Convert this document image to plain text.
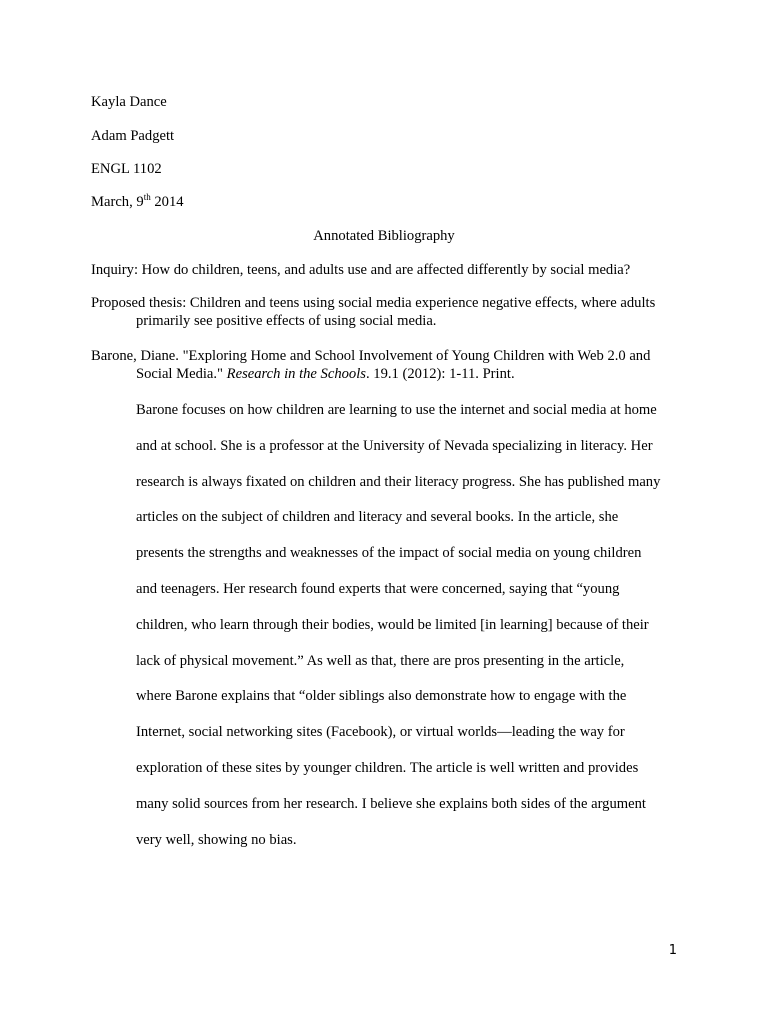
Kayla Dance
Adam Padgett
ENGL 1102
March, 9th 2014
Annotated Bibliography
Inquiry: How do children, teens, and adults use and are affected differently by social media?
Proposed thesis: Children and teens using social media experience negative effects, where adults
primarily see positive effects of using social media.
Barone, Diane. "Exploring Home and School Involvement of Young Children with Web 2.0 and
Social Media." Research in the Schools. 19.1 (2012): 1-11. Print.
Barone focuses on how children are learning to use the internet and social media at home
and at school. She is a professor at the University of Nevada specializing in literacy. Her
research is always fixated on children and their literacy progress. She has published many
articles on the subject of children and literacy and several books. In the article, she
presents the strengths and weaknesses of the impact of social media on young children
and teenagers. Her research found experts that were concerned, saying that “young
children, who learn through their bodies, would be limited [in learning] because of their
lack of physical movement.” As well as that, there are pros presenting in the article,
where Barone explains that “older siblings also demonstrate how to engage with the
Internet, social networking sites (Facebook), or virtual worlds—leading the way for
exploration of these sites by younger children. The article is well written and provides
many solid sources from her research. I believe she explains both sides of the argument
very well, showing no bias.
1
